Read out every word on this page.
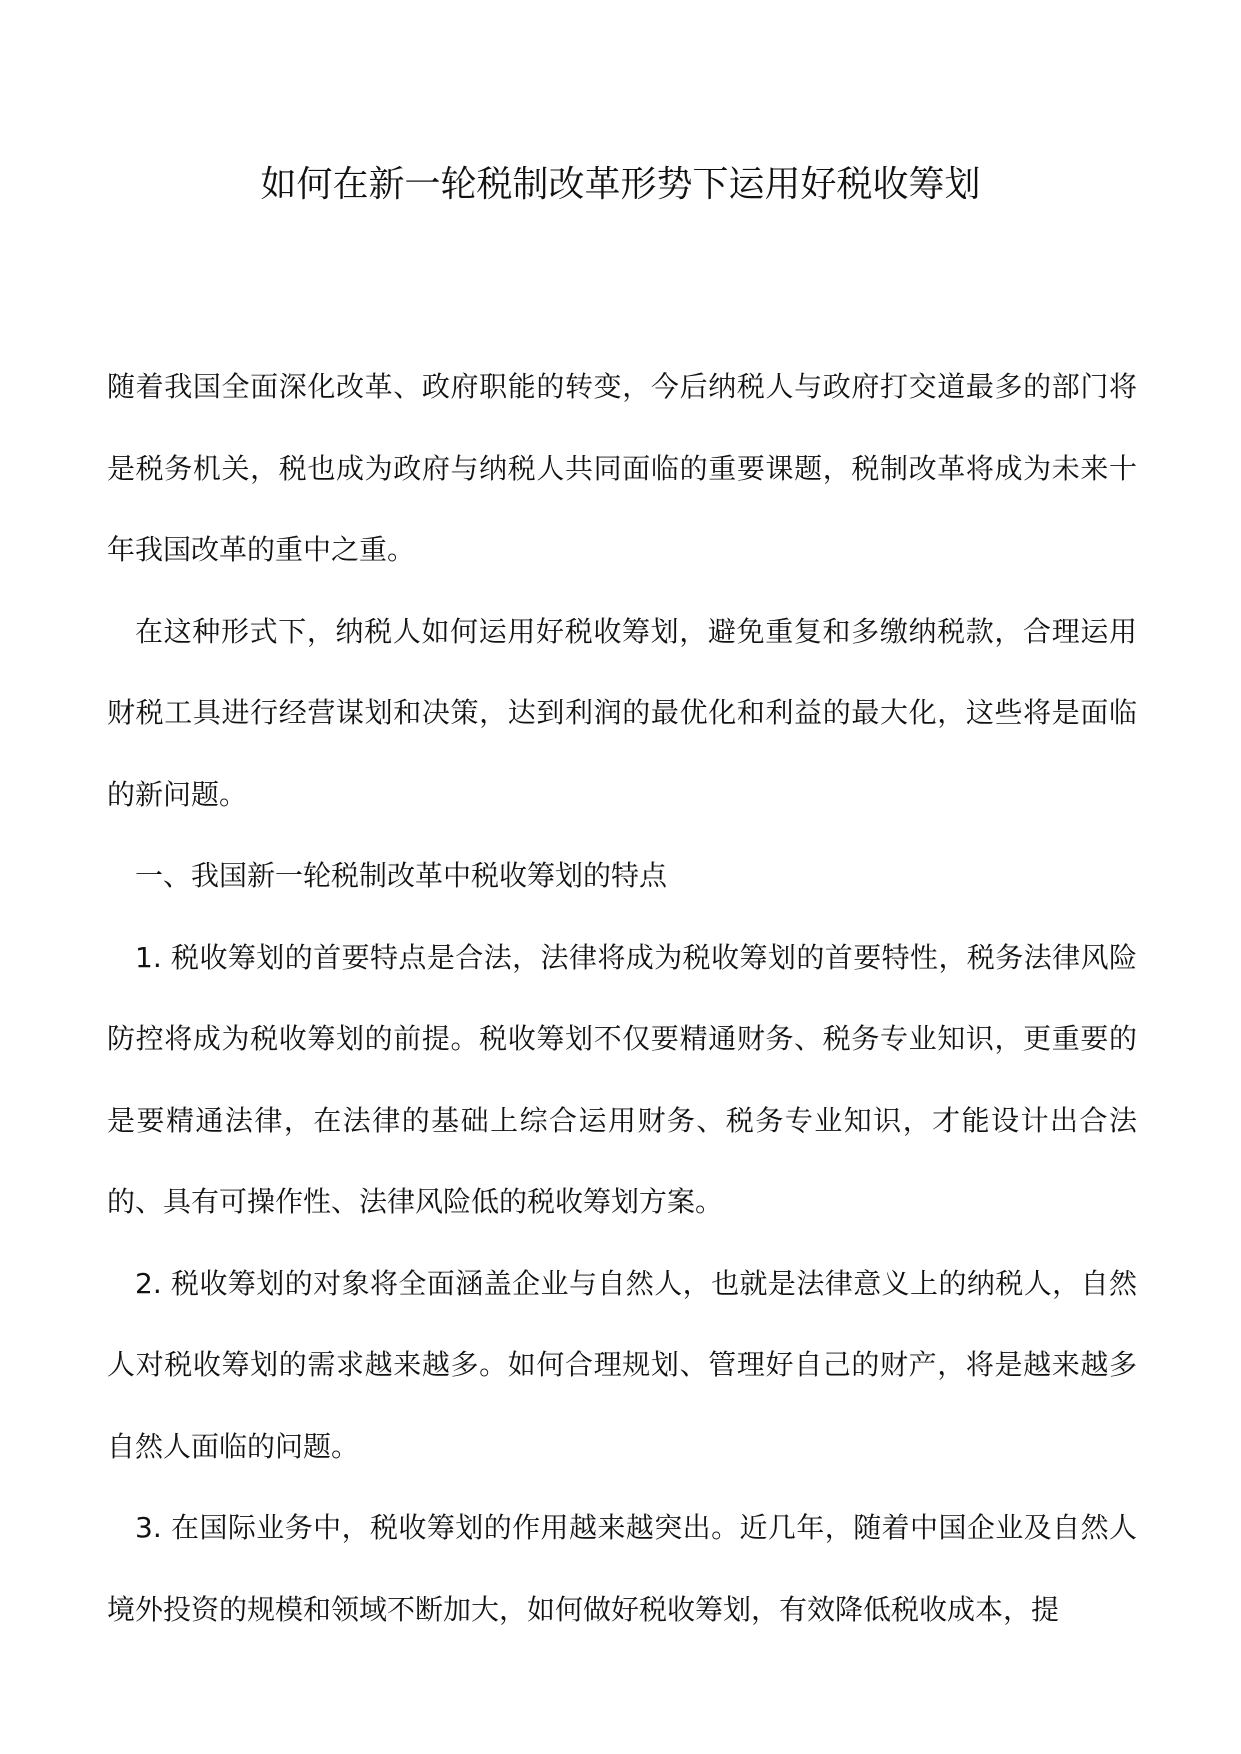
如何在新一轮税制改革形势下运用好税收筹划

随着我国全面深化改革、政府职能的转变，今后纳税人与政府打交道最多的部门将是税务机关，税也成为政府与纳税人共同面临的重要课题，税制改革将成为未来十年我国改革的重中之重。

在这种形式下，纳税人如何运用好税收筹划，避免重复和多缴纳税款，合理运用财税工具进行经营谋划和决策，达到利润的最优化和利益的最大化，这些将是面临的新问题。

一、我国新一轮税制改革中税收筹划的特点

1. 税收筹划的首要特点是合法，法律将成为税收筹划的首要特性，税务法律风险防控将成为税收筹划的前提。税收筹划不仅要精通财务、税务专业知识，更重要的是要精通法律，在法律的基础上综合运用财务、税务专业知识，才能设计出合法的、具有可操作性、法律风险低的税收筹划方案。

2. 税收筹划的对象将全面涵盖企业与自然人，也就是法律意义上的纳税人，自然人对税收筹划的需求越来越多。如何合理规划、管理好自己的财产，将是越来越多自然人面临的问题。

3. 在国际业务中，税收筹划的作用越来越突出。近几年，随着中国企业及自然人境外投资的规模和领域不断加大，如何做好税收筹划，有效降低税收成本，提
